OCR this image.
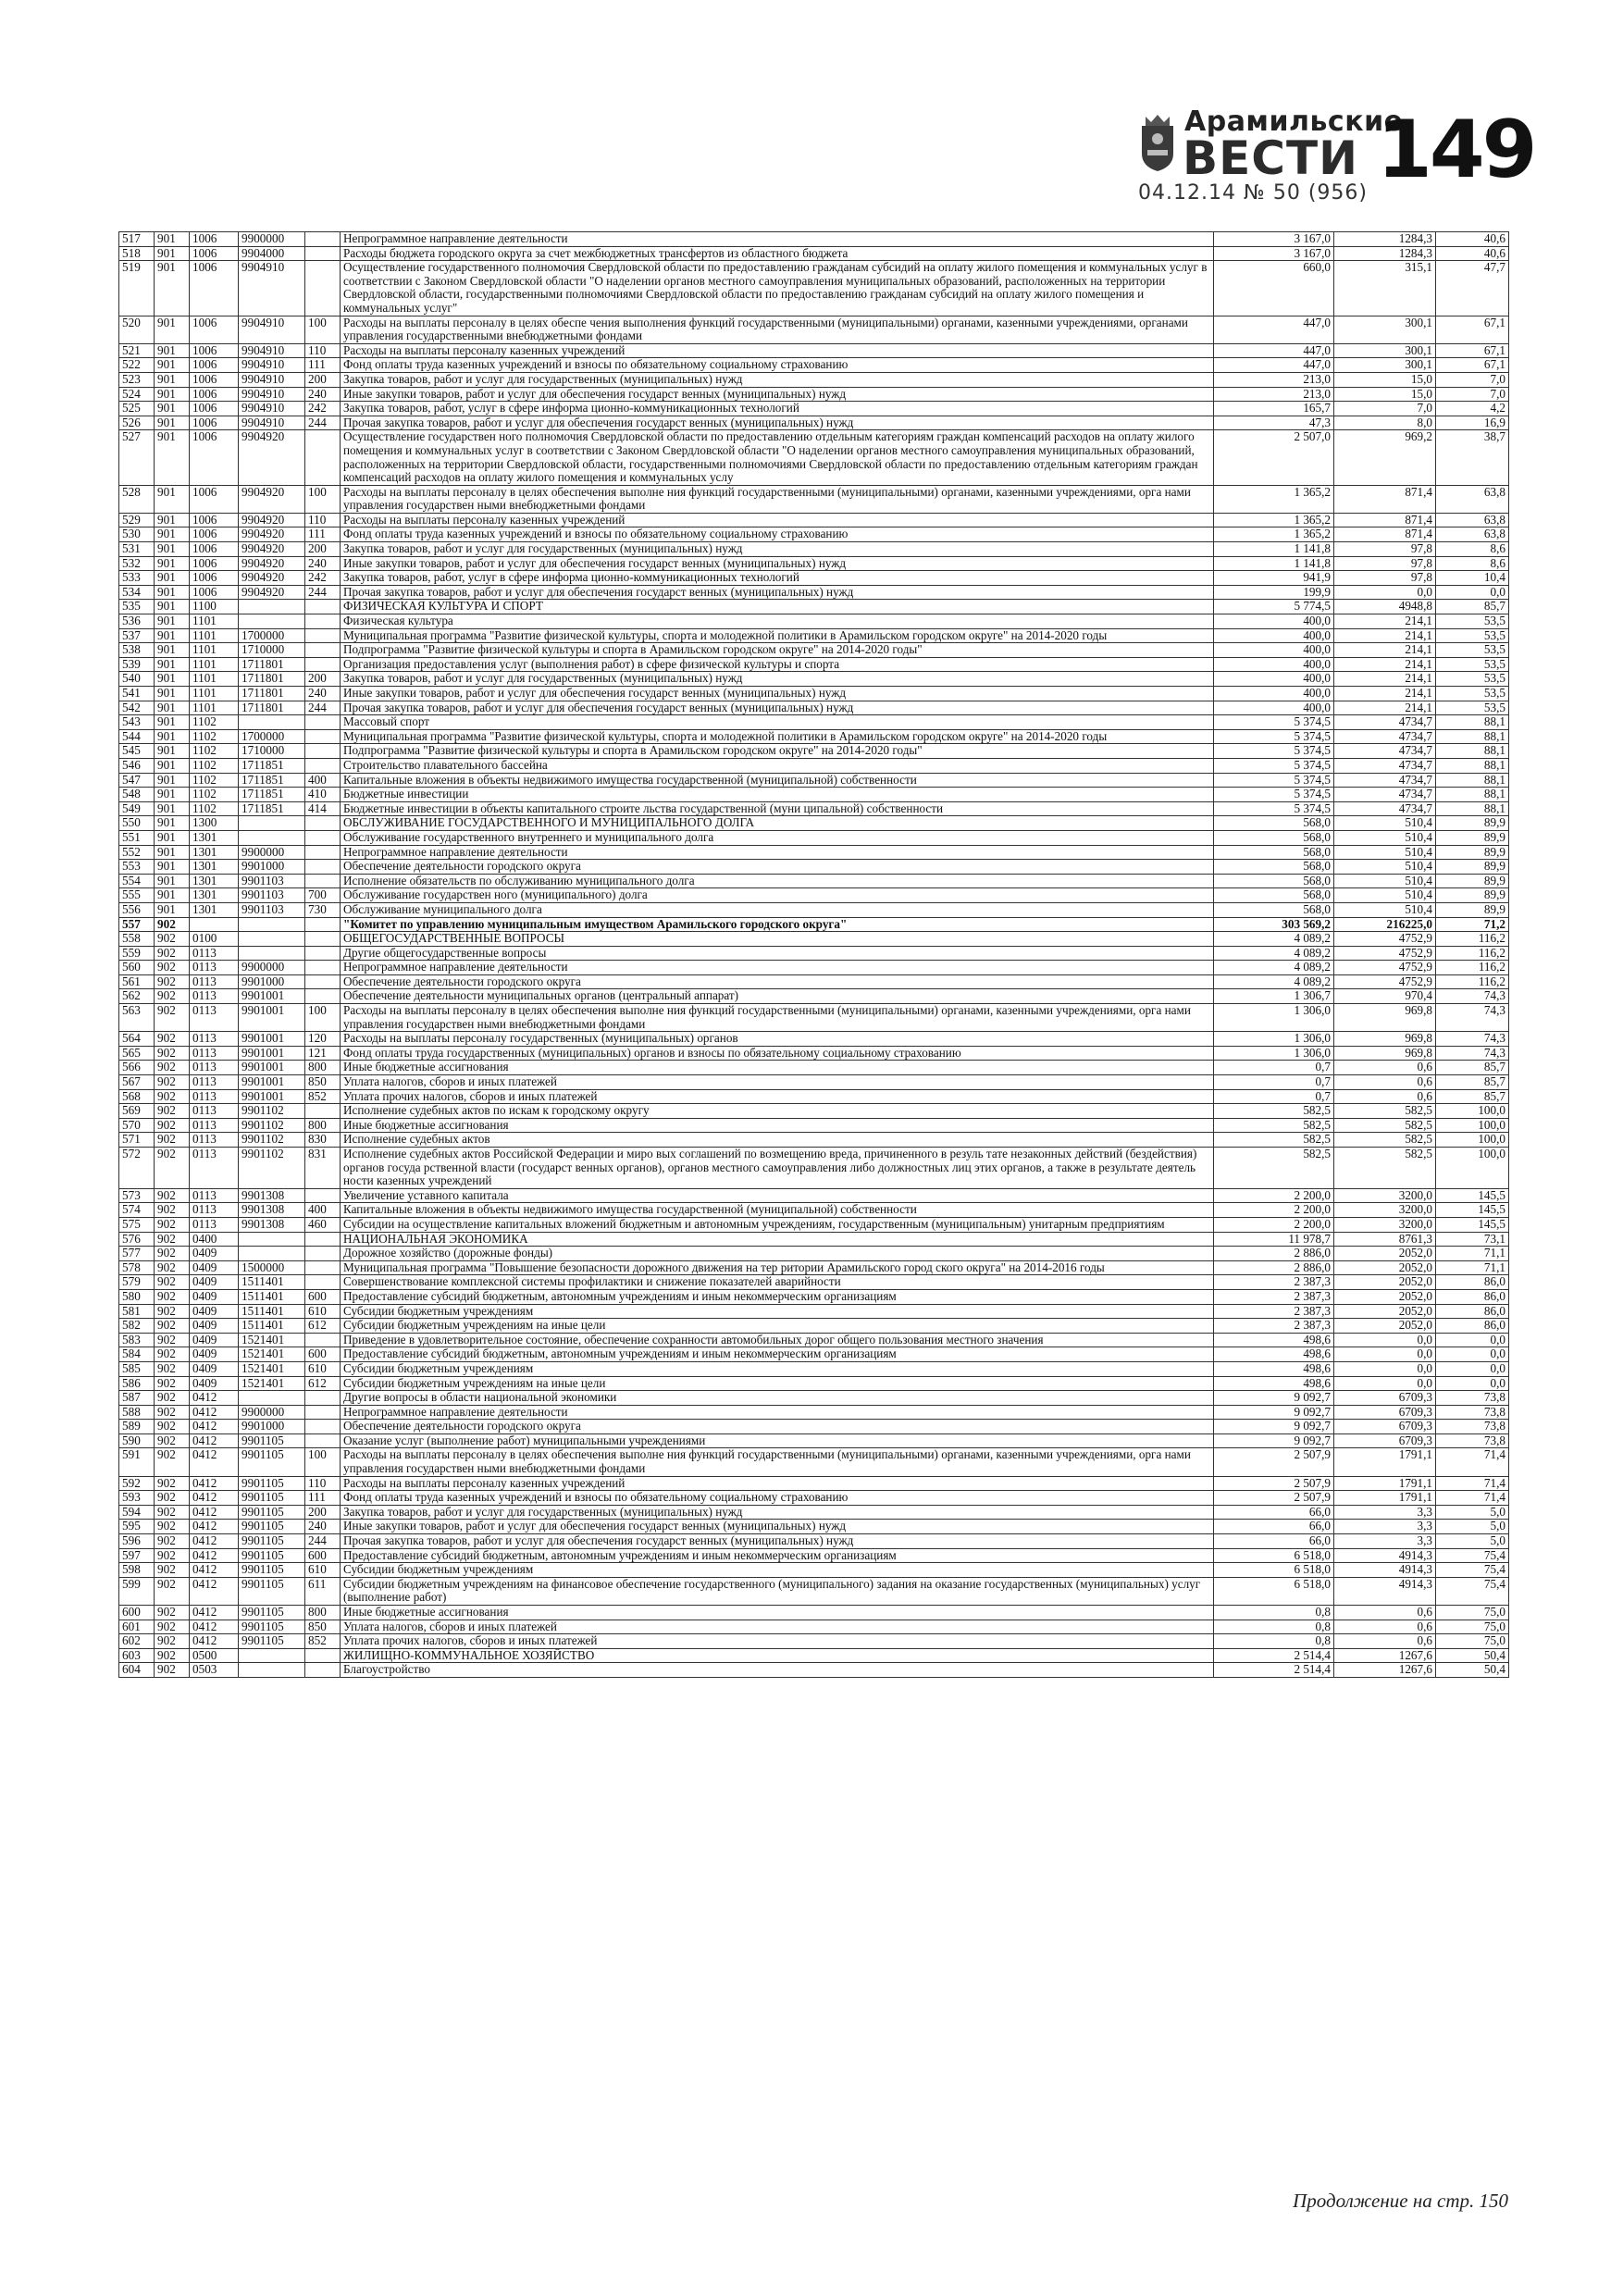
Арамильские
ВЕСТИ 149
04.12.14 № 50 (956)
517	901	1006	9900000		Непрограммное направление деятельности	3 167,0	1284,3	40,6
518	901	1006	9904000		Расходы бюджета городского округа за счет межбюджетных трансфертов из областного бюджета	3 167,0	1284,3	40,6
519	901	1006	9904910		Осуществление государственного полномочия Свердловской области по предоставлению гражданам субсидий на оплату жилого помещения и коммунальных услуг в соответствии с Законом Свердловской области "О наделении органов местного самоуправления муниципальных образований, расположенных на территории Свердловской области, государственными полномочиями Свердловской области по предоставлению гражданам субсидий на оплату жилого помещения и коммунальных услуг"	660,0	315,1	47,7
520	901	1006	9904910	100	Расходы на выплаты персоналу в целях обеспе чения выполнения функций государственными (муниципальными) органами, казенными учреждениями, органами управления государственными внебюджетными фондами	447,0	300,1	67,1
521	901	1006	9904910	110	Расходы на выплаты персоналу казенных учреждений	447,0	300,1	67,1
522	901	1006	9904910	111	Фонд оплаты труда казенных учреждений и взносы по обязательному социальному страхованию	447,0	300,1	67,1
523	901	1006	9904910	200	Закупка товаров, работ и услуг для государственных (муниципальных) нужд	213,0	15,0	7,0
524	901	1006	9904910	240	Иные закупки товаров, работ и услуг для обеспечения государст венных (муниципальных) нужд	213,0	15,0	7,0
525	901	1006	9904910	242	Закупка товаров, работ, услуг в сфере информа ционно-коммуникационных технологий	165,7	7,0	4,2
526	901	1006	9904910	244	Прочая закупка товаров, работ и услуг для обеспечения государст венных (муниципальных) нужд	47,3	8,0	16,9
527	901	1006	9904920		Осуществление государствен ного полномочия Свердловской области по предоставлению отдельным категориям граждан компенсаций расходов на оплату жилого помещения и коммунальных услуг в соответствии с Законом Свердловской области "О наделении органов местного самоуправления муниципальных образований, расположенных на территории Свердловской области, государственными полномочиями Свердловской области по предоставлению отдельным категориям граждан компенсаций расходов на оплату жилого помещения и коммунальных услу	2 507,0	969,2	38,7
528	901	1006	9904920	100	Расходы на выплаты персоналу в целях обеспечения выполне ния функций государственными (муниципальными) органами, казенными учреждениями, орга нами управления государствен ными внебюджетными фондами	1 365,2	871,4	63,8
529	901	1006	9904920	110	Расходы на выплаты персоналу казенных учреждений	1 365,2	871,4	63,8
530	901	1006	9904920	111	Фонд оплаты труда казенных учреждений и взносы по обязательному социальному страхованию	1 365,2	871,4	63,8
531	901	1006	9904920	200	Закупка товаров, работ и услуг для государственных (муниципальных) нужд	1 141,8	97,8	8,6
532	901	1006	9904920	240	Иные закупки товаров, работ и услуг для обеспечения государст венных (муниципальных) нужд	1 141,8	97,8	8,6
533	901	1006	9904920	242	Закупка товаров, работ, услуг в сфере информа ционно-коммуникационных технологий	941,9	97,8	10,4
534	901	1006	9904920	244	Прочая закупка товаров, работ и услуг для обеспечения государст венных (муниципальных) нужд	199,9	0,0	0,0
535	901	1100			ФИЗИЧЕСКАЯ КУЛЬТУРА И СПОРТ	5 774,5	4948,8	85,7
536	901	1101			Физическая культура	400,0	214,1	53,5
537	901	1101	1700000		Муниципальная программа "Развитие физической культуры, спорта и молодежной политики в Арамильском городском округе" на 2014-2020 годы	400,0	214,1	53,5
538	901	1101	1710000		Подпрограмма "Развитие физической культуры и спорта в Арамильском городском округе" на 2014-2020 годы"	400,0	214,1	53,5
539	901	1101	1711801		Организация предоставления услуг (выполнения работ) в сфере физической культуры и спорта	400,0	214,1	53,5
540	901	1101	1711801	200	Закупка товаров, работ и услуг для государственных (муниципальных) нужд	400,0	214,1	53,5
541	901	1101	1711801	240	Иные закупки товаров, работ и услуг для обеспечения государст венных (муниципальных) нужд	400,0	214,1	53,5
542	901	1101	1711801	244	Прочая закупка товаров, работ и услуг для обеспечения государст венных (муниципальных) нужд	400,0	214,1	53,5
543	901	1102			Массовый спорт	5 374,5	4734,7	88,1
544	901	1102	1700000		Муниципальная программа "Развитие физической культуры, спорта и молодежной политики в Арамильском городском округе" на 2014-2020 годы	5 374,5	4734,7	88,1
545	901	1102	1710000		Подпрограмма "Развитие физической культуры и спорта в Арамильском городском округе" на 2014-2020 годы"	5 374,5	4734,7	88,1
546	901	1102	1711851		Строительство плавательного бассейна	5 374,5	4734,7	88,1
547	901	1102	1711851	400	Капитальные вложения в объекты недвижимого имущества государственной (муниципальной) собственности	5 374,5	4734,7	88,1
548	901	1102	1711851	410	Бюджетные инвестиции	5 374,5	4734,7	88,1
549	901	1102	1711851	414	Бюджетные инвестиции в объекты капитального строите льства государственной (муни ципальной) собственности	5 374,5	4734,7	88,1
550	901	1300			ОБСЛУЖИВАНИЕ ГОСУДАРСТВЕННОГО И МУНИЦИПАЛЬНОГО ДОЛГА	568,0	510,4	89,9
551	901	1301			Обслуживание государственного внутреннего и муниципального долга	568,0	510,4	89,9
552	901	1301	9900000		Непрограммное направление деятельности	568,0	510,4	89,9
553	901	1301	9901000		Обеспечение деятельности городского округа	568,0	510,4	89,9
554	901	1301	9901103		Исполнение обязательств по обслуживанию муниципального долга	568,0	510,4	89,9
555	901	1301	9901103	700	Обслуживание государствен ного (муниципального) долга	568,0	510,4	89,9
556	901	1301	9901103	730	Обслуживание муниципального долга	568,0	510,4	89,9
557	902				"Комитет по управлению муниципальным имуществом Арамильского городского округа"	303 569,2	216225,0	71,2
558	902	0100			ОБЩЕГОСУДАРСТВЕННЫЕ ВОПРОСЫ	4 089,2	4752,9	116,2
559	902	0113			Другие общегосударственные вопросы	4 089,2	4752,9	116,2
560	902	0113	9900000		Непрограммное направление деятельности	4 089,2	4752,9	116,2
561	902	0113	9901000		Обеспечение деятельности городского округа	4 089,2	4752,9	116,2
562	902	0113	9901001		Обеспечение деятельности муниципальных органов (центральный аппарат)	1 306,7	970,4	74,3
563	902	0113	9901001	100	Расходы на выплаты персоналу в целях обеспечения выполне ния функций государственными (муниципальными) органами, казенными учреждениями, орга нами управления государствен ными внебюджетными фондами	1 306,0	969,8	74,3
564	902	0113	9901001	120	Расходы на выплаты персоналу государственных (муниципальных) органов	1 306,0	969,8	74,3
565	902	0113	9901001	121	Фонд оплаты труда государственных (муниципальных) органов и взносы по обязательному социальному страхованию	1 306,0	969,8	74,3
566	902	0113	9901001	800	Иные бюджетные ассигнования	0,7	0,6	85,7
567	902	0113	9901001	850	Уплата налогов, сборов и иных платежей	0,7	0,6	85,7
568	902	0113	9901001	852	Уплата прочих налогов, сборов и иных платежей	0,7	0,6	85,7
569	902	0113	9901102		Исполнение судебных актов по искам к городскому округу	582,5	582,5	100,0
570	902	0113	9901102	800	Иные бюджетные ассигнования	582,5	582,5	100,0
571	902	0113	9901102	830	Исполнение судебных актов	582,5	582,5	100,0
572	902	0113	9901102	831	Исполнение судебных актов Российской Федерации и миро вых соглашений по возмещению вреда, причиненного в резуль тате незаконных действий (бездействия) органов госуда рственной власти (государст венных органов), органов местного самоуправления либо должностных лиц этих органов, а также в результате деятель ности казенных учреждений	582,5	582,5	100,0
573	902	0113	9901308		Увеличение уставного капитала	2 200,0	3200,0	145,5
574	902	0113	9901308	400	Капитальные вложения в объекты недвижимого имущества государственной (муниципальной) собственности	2 200,0	3200,0	145,5
575	902	0113	9901308	460	Субсидии на осуществление капитальных вложений бюджетным и автономным учреждениям, государственным (муниципальным) унитарным предприятиям	2 200,0	3200,0	145,5
576	902	0400			НАЦИОНАЛЬНАЯ ЭКОНОМИКА	11 978,7	8761,3	73,1
577	902	0409			Дорожное хозяйство (дорожные фонды)	2 886,0	2052,0	71,1
578	902	0409	1500000		Муниципальная программа "Повышение безопасности дорожного движения на тер ритории Арамильского город ского округа" на 2014-2016 годы	2 886,0	2052,0	71,1
579	902	0409	1511401		Совершенствование комплексной системы профилактики и снижение показателей аварийности	2 387,3	2052,0	86,0
580	902	0409	1511401	600	Предоставление субсидий бюджетным, автономным учреждениям и иным некоммерческим организациям	2 387,3	2052,0	86,0
581	902	0409	1511401	610	Субсидии бюджетным учреждениям	2 387,3	2052,0	86,0
582	902	0409	1511401	612	Субсидии бюджетным учреждениям на иные цели	2 387,3	2052,0	86,0
583	902	0409	1521401		Приведение в удовлетворительное состояние, обеспечение сохранности автомобильных дорог общего пользования местного значения	498,6	0,0	0,0
584	902	0409	1521401	600	Предоставление субсидий бюджетным, автономным учреждениям и иным некоммерческим организациям	498,6	0,0	0,0
585	902	0409	1521401	610	Субсидии бюджетным учреждениям	498,6	0,0	0,0
586	902	0409	1521401	612	Субсидии бюджетным учреждениям на иные цели	498,6	0,0	0,0
587	902	0412			Другие вопросы в области национальной экономики	9 092,7	6709,3	73,8
588	902	0412	9900000		Непрограммное направление деятельности	9 092,7	6709,3	73,8
589	902	0412	9901000		Обеспечение деятельности городского округа	9 092,7	6709,3	73,8
590	902	0412	9901105		Оказание услуг (выполнение работ) муниципальными учреждениями	9 092,7	6709,3	73,8
591	902	0412	9901105	100	Расходы на выплаты персоналу в целях обеспечения выполне ния функций государственными (муниципальными) органами, казенными учреждениями, орга нами управления государствен ными внебюджетными фондами	2 507,9	1791,1	71,4
592	902	0412	9901105	110	Расходы на выплаты персоналу казенных учреждений	2 507,9	1791,1	71,4
593	902	0412	9901105	111	Фонд оплаты труда казенных учреждений и взносы по обязательному социальному страхованию	2 507,9	1791,1	71,4
594	902	0412	9901105	200	Закупка товаров, работ и услуг для государственных (муниципальных) нужд	66,0	3,3	5,0
595	902	0412	9901105	240	Иные закупки товаров, работ и услуг для обеспечения государст венных (муниципальных) нужд	66,0	3,3	5,0
596	902	0412	9901105	244	Прочая закупка товаров, работ и услуг для обеспечения государст венных (муниципальных) нужд	66,0	3,3	5,0
597	902	0412	9901105	600	Предоставление субсидий бюджетным, автономным учреждениям и иным некоммерческим организациям	6 518,0	4914,3	75,4
598	902	0412	9901105	610	Субсидии бюджетным учреждениям	6 518,0	4914,3	75,4
599	902	0412	9901105	611	Субсидии бюджетным учреждениям на финансовое обеспечение государственного (муниципального) задания на оказание государственных (муниципальных) услуг (выполнение работ)	6 518,0	4914,3	75,4
600	902	0412	9901105	800	Иные бюджетные ассигнования	0,8	0,6	75,0
601	902	0412	9901105	850	Уплата налогов, сборов и иных платежей	0,8	0,6	75,0
602	902	0412	9901105	852	Уплата прочих налогов, сборов и иных платежей	0,8	0,6	75,0
603	902	0500			ЖИЛИЩНО-КОММУНАЛЬНОЕ ХОЗЯЙСТВО	2 514,4	1267,6	50,4
604	902	0503			Благоустройство	2 514,4	1267,6	50,4
Продолжение на стр. 150
